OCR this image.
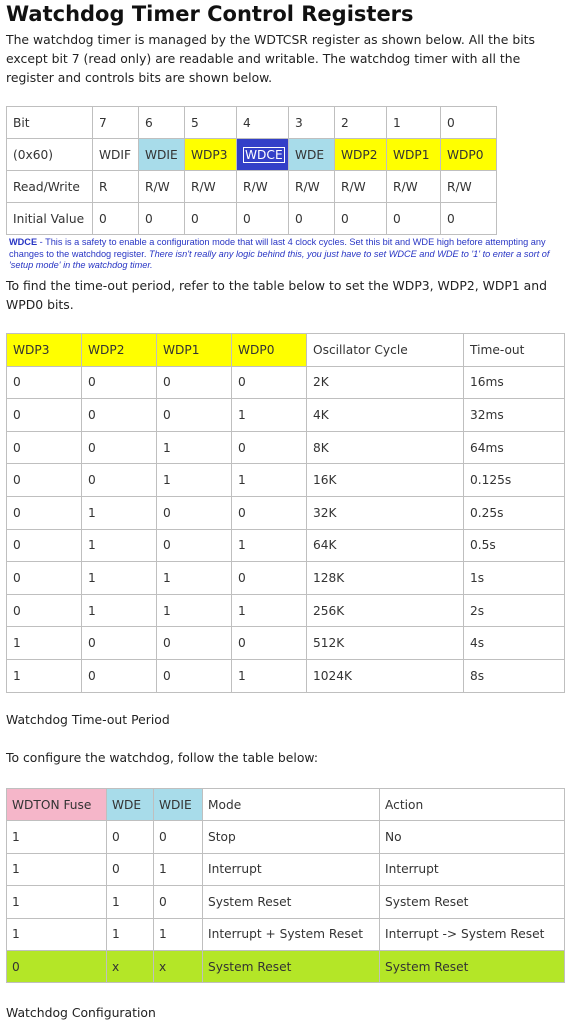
Watchdog Timer Control Registers

The watchdog timer is managed by the WDTCSR register as shown below. All the bits except bit 7 (read only) are readable and writable. The watchdog timer with all the register and controls bits are shown below.

Bit	7	6	5	4	3	2	1	0
(0x60)	WDIF	WDIE	WDP3	WDCE	WDE	WDP2	WDP1	WDP0
Read/Write	R	R/W	R/W	R/W	R/W	R/W	R/W	R/W
Initial Value	0	0	0	0	0	0	0	0

WDCE - This is a safety to enable a configuration mode that will last 4 clock cycles. Set this bit and WDE high before attempting any changes to the watchdog register. There isn't really any logic behind this, you just have to set WDCE and WDE to '1' to enter a sort of 'setup mode' in the watchdog timer.

To find the time-out period, refer to the table below to set the WDP3, WDP2, WDP1 and WPD0 bits.

WDP3	WDP2	WDP1	WDP0	Oscillator Cycle	Time-out
0	0	0	0	2K	16ms
0	0	0	1	4K	32ms
0	0	1	0	8K	64ms
0	0	1	1	16K	0.125s
0	1	0	0	32K	0.25s
0	1	0	1	64K	0.5s
0	1	1	0	128K	1s
0	1	1	1	256K	2s
1	0	0	0	512K	4s
1	0	0	1	1024K	8s

Watchdog Time-out Period

To configure the watchdog, follow the table below:

WDTON Fuse	WDE	WDIE	Mode	Action
1	0	0	Stop	No
1	0	1	Interrupt	Interrupt
1	1	0	System Reset	System Reset
1	1	1	Interrupt + System Reset	Interrupt -> System Reset
0	x	x	System Reset	System Reset

Watchdog Configuration
